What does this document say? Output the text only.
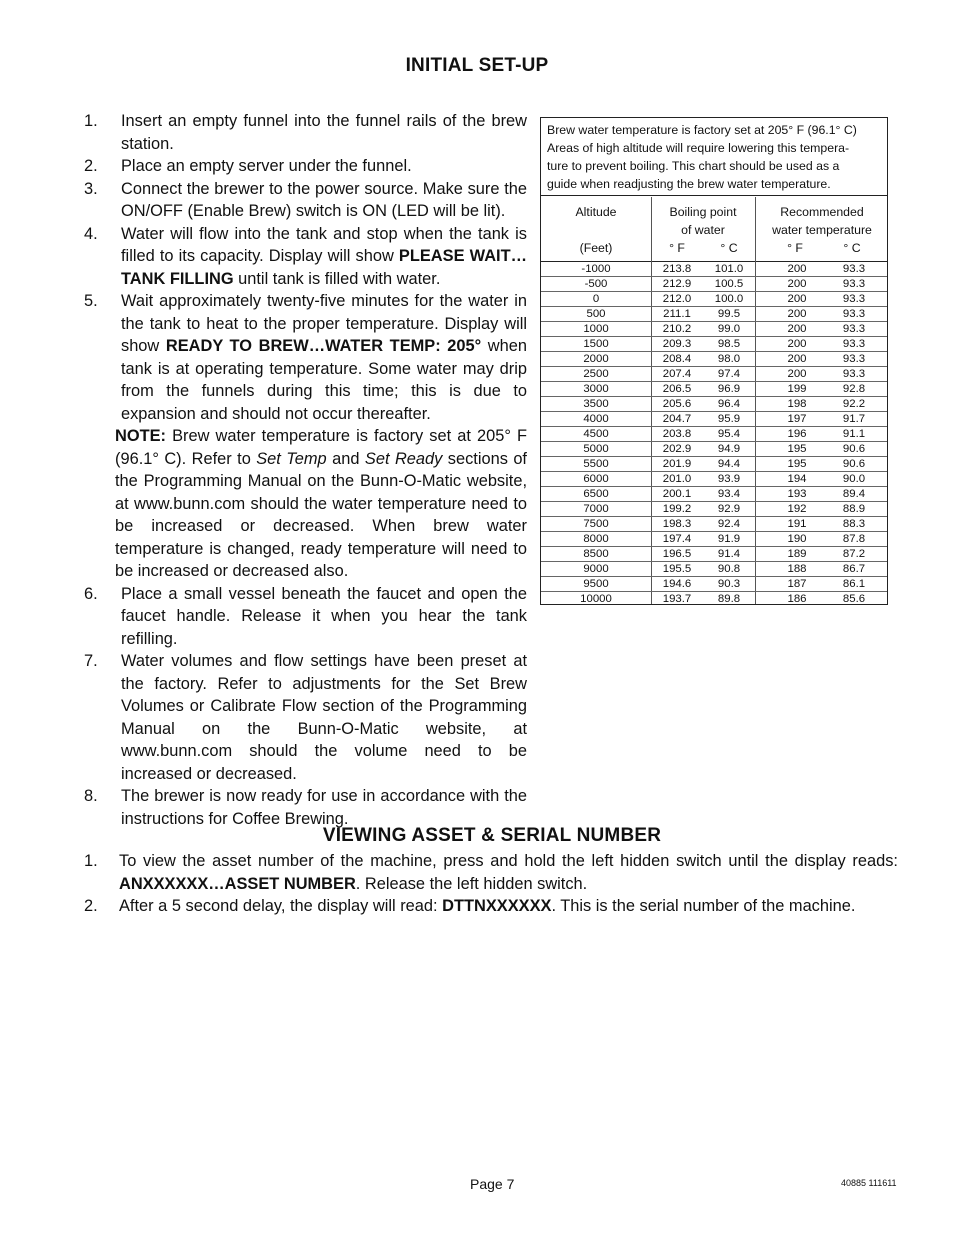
INITIAL SET-UP
VIEWING ASSET & SERIAL NUMBER
1. Insert an empty funnel into the funnel rails of the brew station.
2. Place an empty server under the funnel.
3. Connect the brewer to the power source. Make sure the ON/OFF (Enable Brew) switch is ON (LED will be lit).
4. Water will flow into the tank and stop when the tank is filled to its capacity. Display will show PLEASE WAIT… TANK FILLING until tank is filled with water.
5. Wait approximately twenty-five minutes for the water in the tank to heat to the proper temperature. Display will show READY TO BREW…WATER TEMP: 205° when tank is at operating temperature. Some water may drip from the funnels during this time; this is due to expansion and should not occur thereafter.
NOTE: Brew water temperature is factory set at 205° F (96.1° C). Refer to Set Temp and Set Ready sections of the Programming Manual on the Bunn-O-Matic website, at www.bunn.com should the water temperature need to be increased or decreased. When brew water temperature is changed, ready temperature will need to be increased or decreased also.
6. Place a small vessel beneath the faucet and open the faucet handle. Release it when you hear the tank refilling.
7. Water volumes and flow settings have been preset at the factory. Refer to adjustments for the Set Brew Volumes or Calibrate Flow section of the Programming Manual on the Bunn-O-Matic website, at www.bunn.com should the volume need to be increased or decreased.
8. The brewer is now ready for use in accordance with the instructions for Coffee Brewing.
Brew water temperature is factory set at 205° F (96.1° C)
Areas of high altitude will require lowering this tempera-
ture to prevent boiling. This chart should be used as a
guide when readjusting the brew water temperature.
Altitude
(Feet)
Boiling point
of water
° F	° C
Recommended
water temperature
° F	° C
-1000	213.8	101.0	200	93.3
-500	212.9	100.5	200	93.3
0	212.0	100.0	200	93.3
500	211.1	99.5	200	93.3
1000	210.2	99.0	200	93.3
1500	209.3	98.5	200	93.3
2000	208.4	98.0	200	93.3
2500	207.4	97.4	200	93.3
3000	206.5	96.9	199	92.8
3500	205.6	96.4	198	92.2
4000	204.7	95.9	197	91.7
4500	203.8	95.4	196	91.1
5000	202.9	94.9	195	90.6
5500	201.9	94.4	195	90.6
6000	201.0	93.9	194	90.0
6500	200.1	93.4	193	89.4
7000	199.2	92.9	192	88.9
7500	198.3	92.4	191	88.3
8000	197.4	91.9	190	87.8
8500	196.5	91.4	189	87.2
9000	195.5	90.8	188	86.7
9500	194.6	90.3	187	86.1
10000	193.7	89.8	186	85.6
1. To view the asset number of the machine, press and hold the left hidden switch until the display reads: ANXXXXXX…ASSET NUMBER. Release the left hidden switch.
2. After a 5 second delay, the display will read: DTTNXXXXXX. This is the serial number of the machine.
Page 7	40885 111611
